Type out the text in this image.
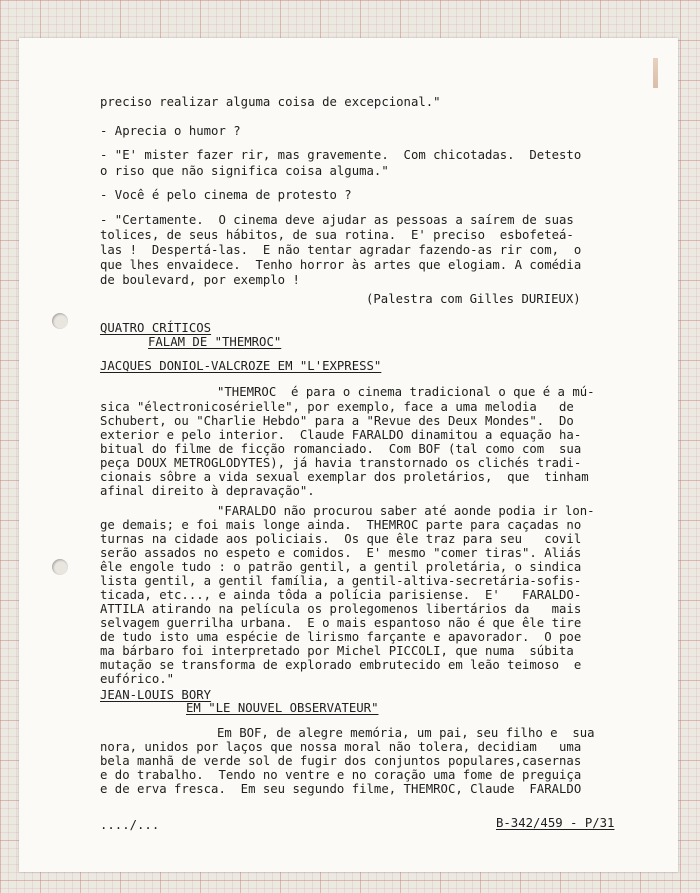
preciso realizar alguma coisa de excepcional."
- Aprecia o humor ?
- "E' mister fazer rir, mas gravemente.  Com chicotadas.  Detesto
o riso que não significa coisa alguma."
- Você é pelo cinema de protesto ?
- "Certamente.  O cinema deve ajudar as pessoas a saírem de suas
tolices, de seus hábitos, de sua rotina.  E' preciso  esbofeteá-
las !  Despertá-las.  E não tentar agradar fazendo-as rir com,  o
que lhes envaidece.  Tenho horror às artes que elogiam. A comédia
de boulevard, por exemplo !
(Palestra com Gilles DURIEUX)
QUATRO CRÍTICOS
FALAM DE "THEMROC"
JACQUES DONIOL-VALCROZE EM "L'EXPRESS"
"THEMROC  é para o cinema tradicional o que é a mú-
sica "électronicosérielle", por exemplo, face a uma melodia   de
Schubert, ou "Charlie Hebdo" para a "Revue des Deux Mondes".  Do
exterior e pelo interior.  Claude FARALDO dinamitou a equação ha-
bitual do filme de ficção romanciado.  Com BOF (tal como com  sua
peça DOUX METROGLODYTES), já havia transtornado os clichés tradi-
cionais sôbre a vida sexual exemplar dos proletários,  que  tinham
afinal direito à depravação".
"FARALDO não procurou saber até aonde podia ir lon-
ge demais; e foi mais longe ainda.  THEMROC parte para caçadas no
turnas na cidade aos policiais.  Os que êle traz para seu   covil
serão assados no espeto e comidos.  E' mesmo "comer tiras". Aliás
êle engole tudo : o patrão gentil, a gentil proletária, o sindica
lista gentil, a gentil família, a gentil-altiva-secretária-sofis-
ticada, etc..., e ainda tôda a polícia parisiense.  E'   FARALDO-
ATTILA atirando na película os prolegomenos libertários da   mais
selvagem guerrilha urbana.  E o mais espantoso não é que êle tire
de tudo isto uma espécie de lirismo farçante e apavorador.  O poe
ma bárbaro foi interpretado por Michel PICCOLI, que numa  súbita
mutação se transforma de explorado embrutecido em leão teimoso  e
eufórico."
JEAN-LOUIS BORY
EM "LE NOUVEL OBSERVATEUR"
Em BOF, de alegre memória, um pai, seu filho e  sua
nora, unidos por laços que nossa moral não tolera, decidiam   uma
bela manhã de verde sol de fugir dos conjuntos populares,casernas
e do trabalho.  Tendo no ventre e no coração uma fome de preguiça
e de erva fresca.  Em seu segundo filme, THEMROC, Claude  FARALDO
..../...	B-342/459 - P/31
